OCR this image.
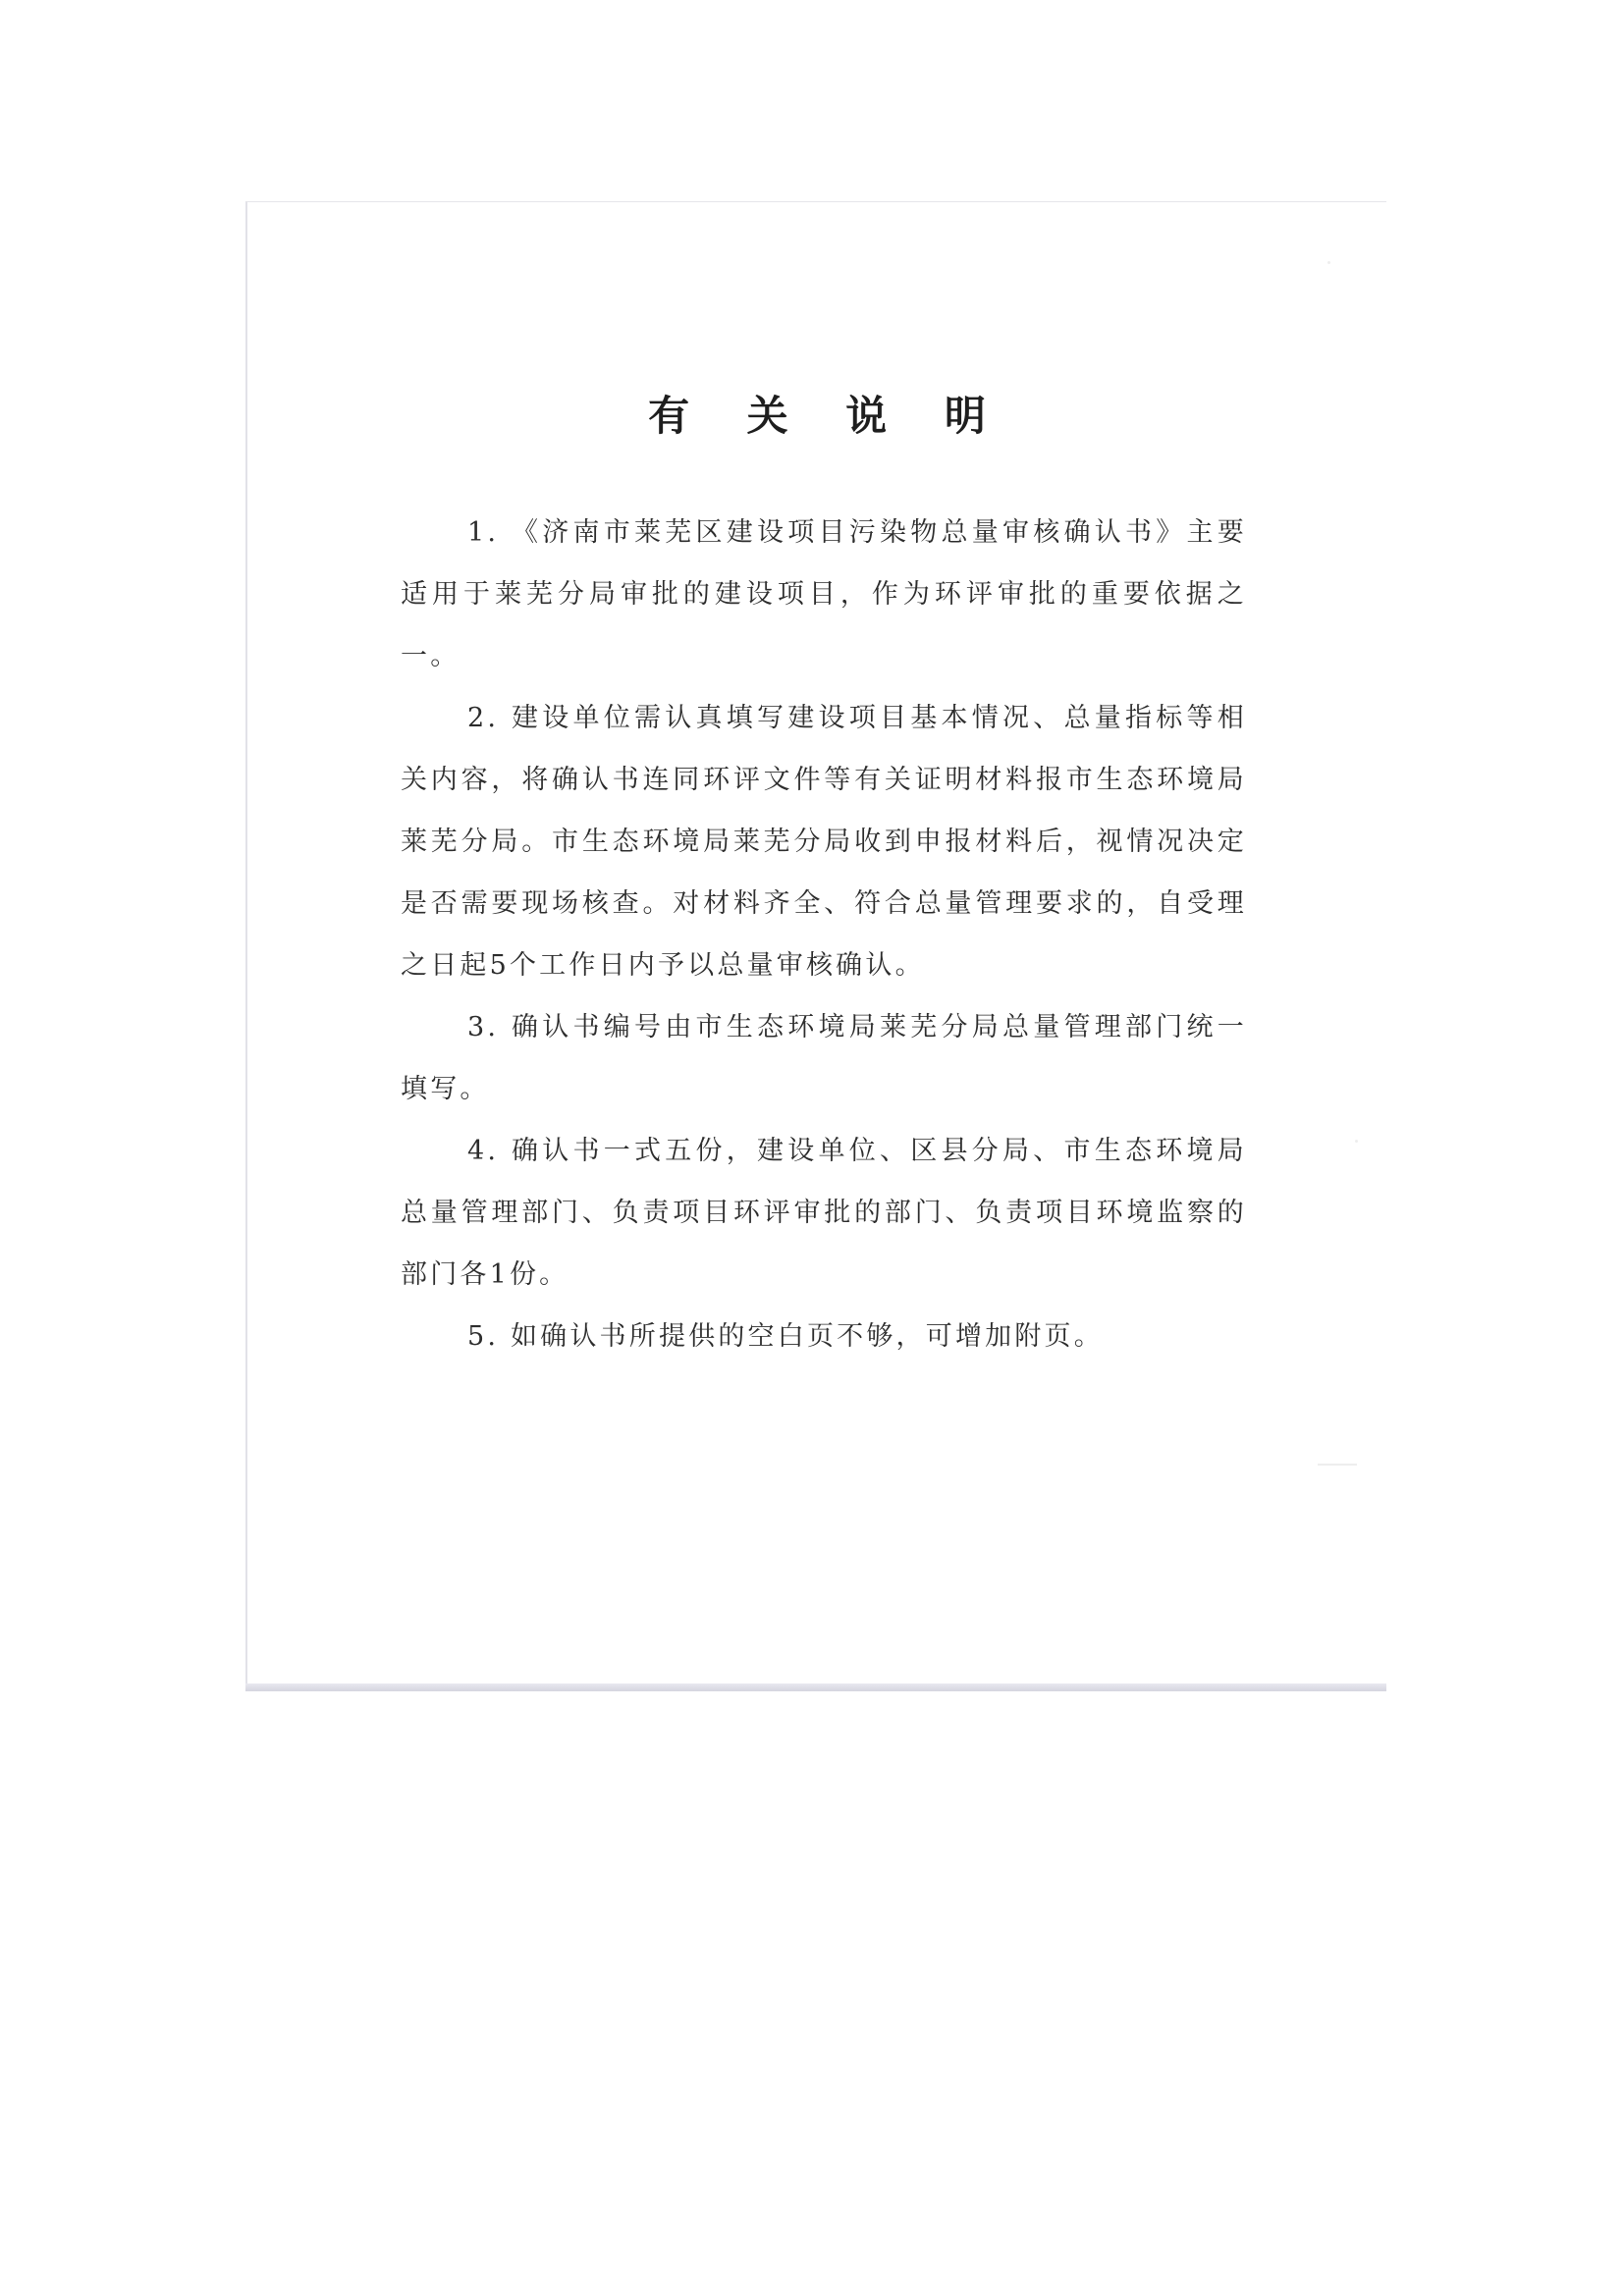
有 关 说 明

1. 《济南市莱芜区建设项目污染物总量审核确认书》主要适用于莱芜分局审批的建设项目，作为环评审批的重要依据之一。

2. 建设单位需认真填写建设项目基本情况、总量指标等相关内容，将确认书连同环评文件等有关证明材料报市生态环境局莱芜分局。市生态环境局莱芜分局收到申报材料后，视情况决定是否需要现场核查。对材料齐全、符合总量管理要求的，自受理之日起5个工作日内予以总量审核确认。

3. 确认书编号由市生态环境局莱芜分局总量管理部门统一填写。

4. 确认书一式五份，建设单位、区县分局、市生态环境局总量管理部门、负责项目环评审批的部门、负责项目环境监察的部门各1份。

5. 如确认书所提供的空白页不够，可增加附页。
